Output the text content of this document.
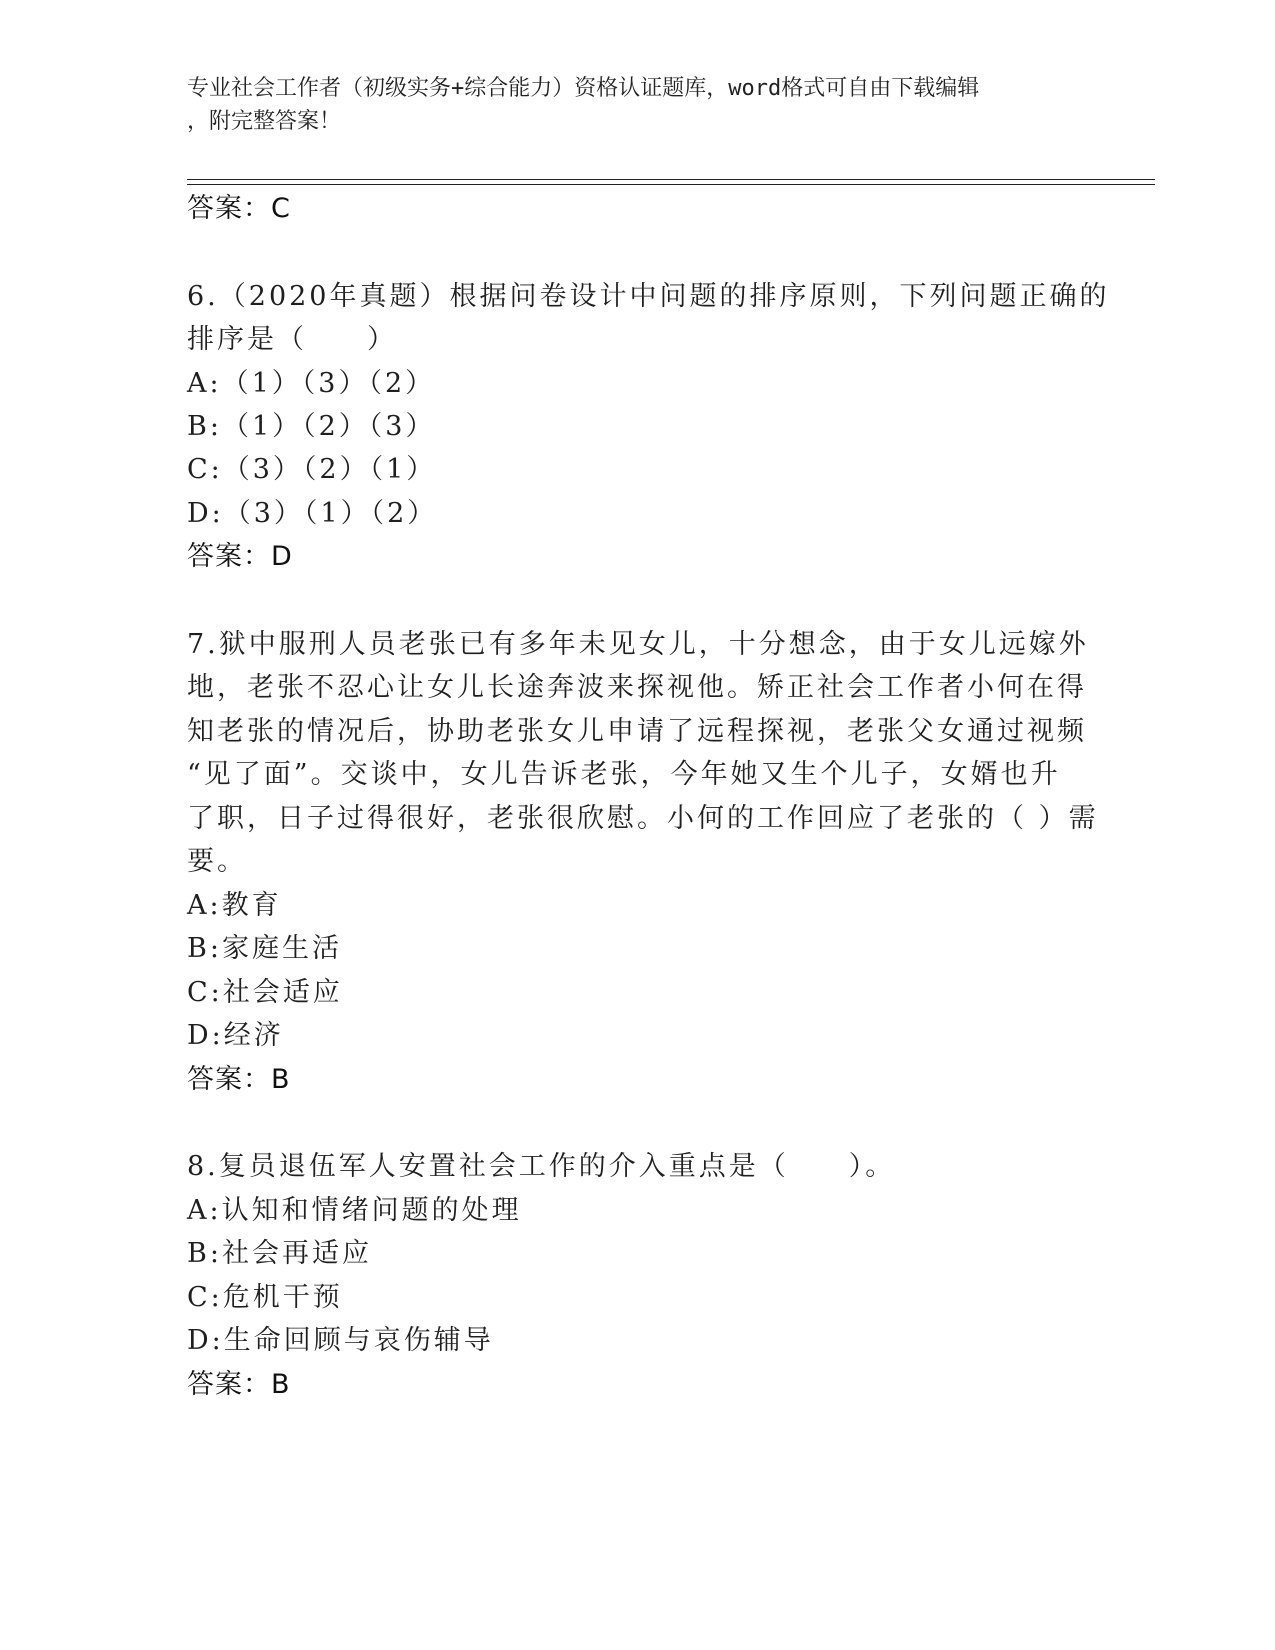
专业社会工作者（初级实务+综合能力）资格认证题库，word格式可自由下载编辑
，附完整答案！
答案：C
6.（2020年真题）根据问卷设计中问题的排序原则，下列问题正确的
排序是（　　）
A:（1）（3）（2）
B:（1）（2）（3）
C:（3）（2）（1）
D:（3）（1）（2）
答案：D
7.狱中服刑人员老张已有多年未见女儿，十分想念，由于女儿远嫁外
地，老张不忍心让女儿长途奔波来探视他。矫正社会工作者小何在得
知老张的情况后，协助老张女儿申请了远程探视，老张父女通过视频
“见了面”。交谈中，女儿告诉老张，今年她又生个儿子，女婿也升
了职，日子过得很好，老张很欣慰。小何的工作回应了老张的（ ）需
要。
A:教育
B:家庭生活
C:社会适应
D:经济
答案：B
8.复员退伍军人安置社会工作的介入重点是（　　）。
A:认知和情绪问题的处理
B:社会再适应
C:危机干预
D:生命回顾与哀伤辅导
答案：B
